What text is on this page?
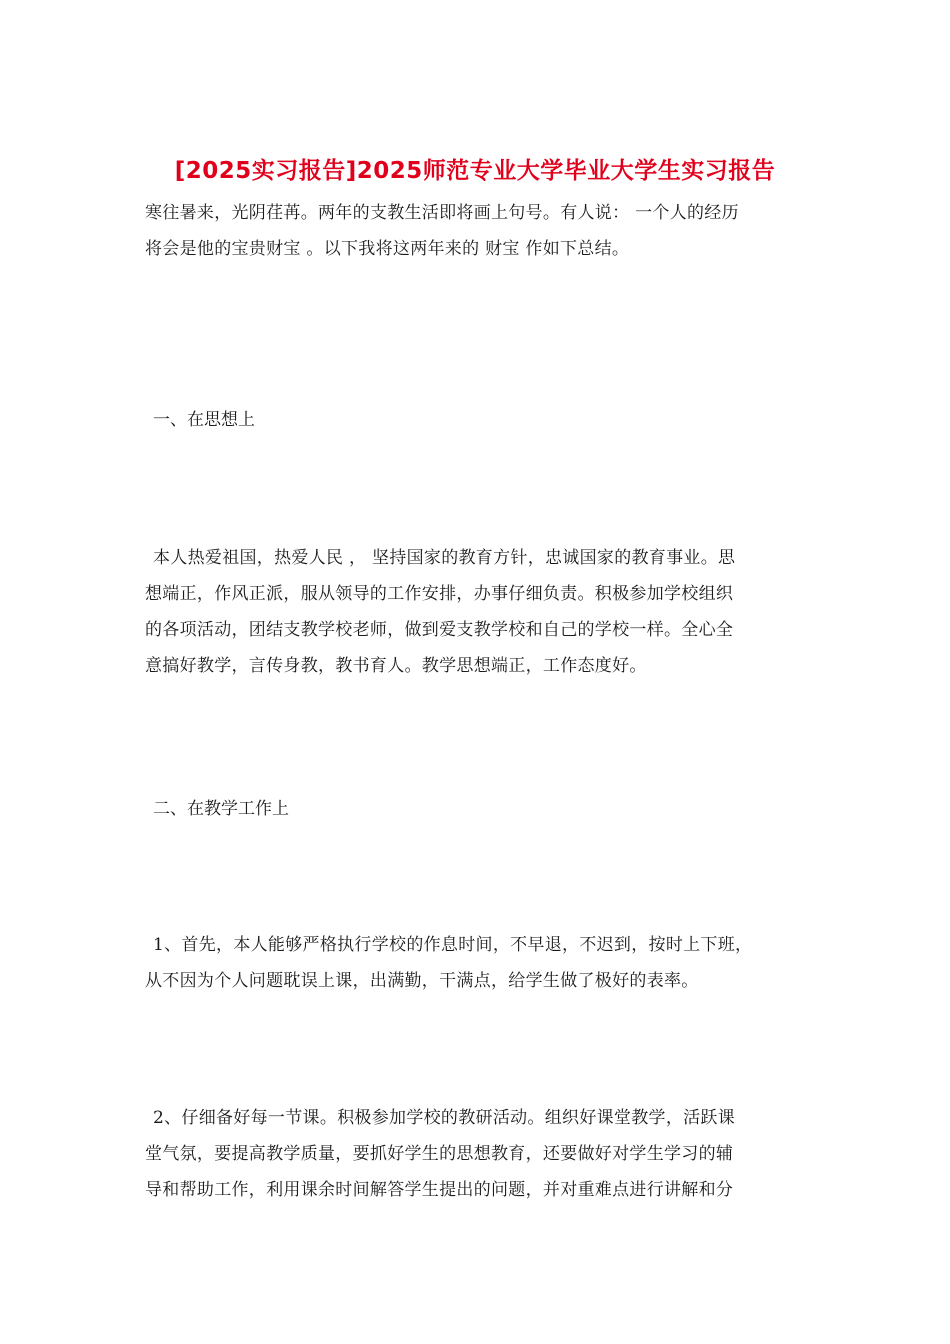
[2025实习报告]2025师范专业大学毕业大学生实习报告
寒往暑来，光阴荏苒。两年的支教生活即将画上句号。有人说： 一个人的经历
将会是他的宝贵财宝 。以下我将这两年来的 财宝 作如下总结。
一、在思想上
本人热爱祖国，热爱人民 ， 坚持国家的教育方针，忠诚国家的教育事业。思
想端正，作风正派，服从领导的工作安排，办事仔细负责。积极参加学校组织
的各项活动，团结支教学校老师，做到爱支教学校和自己的学校一样。全心全
意搞好教学，言传身教，教书育人。教学思想端正，工作态度好。
二、在教学工作上
1、首先，本人能够严格执行学校的作息时间，不早退，不迟到，按时上下班，
从不因为个人问题耽误上课，出满勤，干满点，给学生做了极好的表率。
2、仔细备好每一节课。积极参加学校的教研活动。组织好课堂教学，活跃课
堂气氛，要提高教学质量，要抓好学生的思想教育，还要做好对学生学习的辅
导和帮助工作，利用课余时间解答学生提出的问题，并对重难点进行讲解和分
